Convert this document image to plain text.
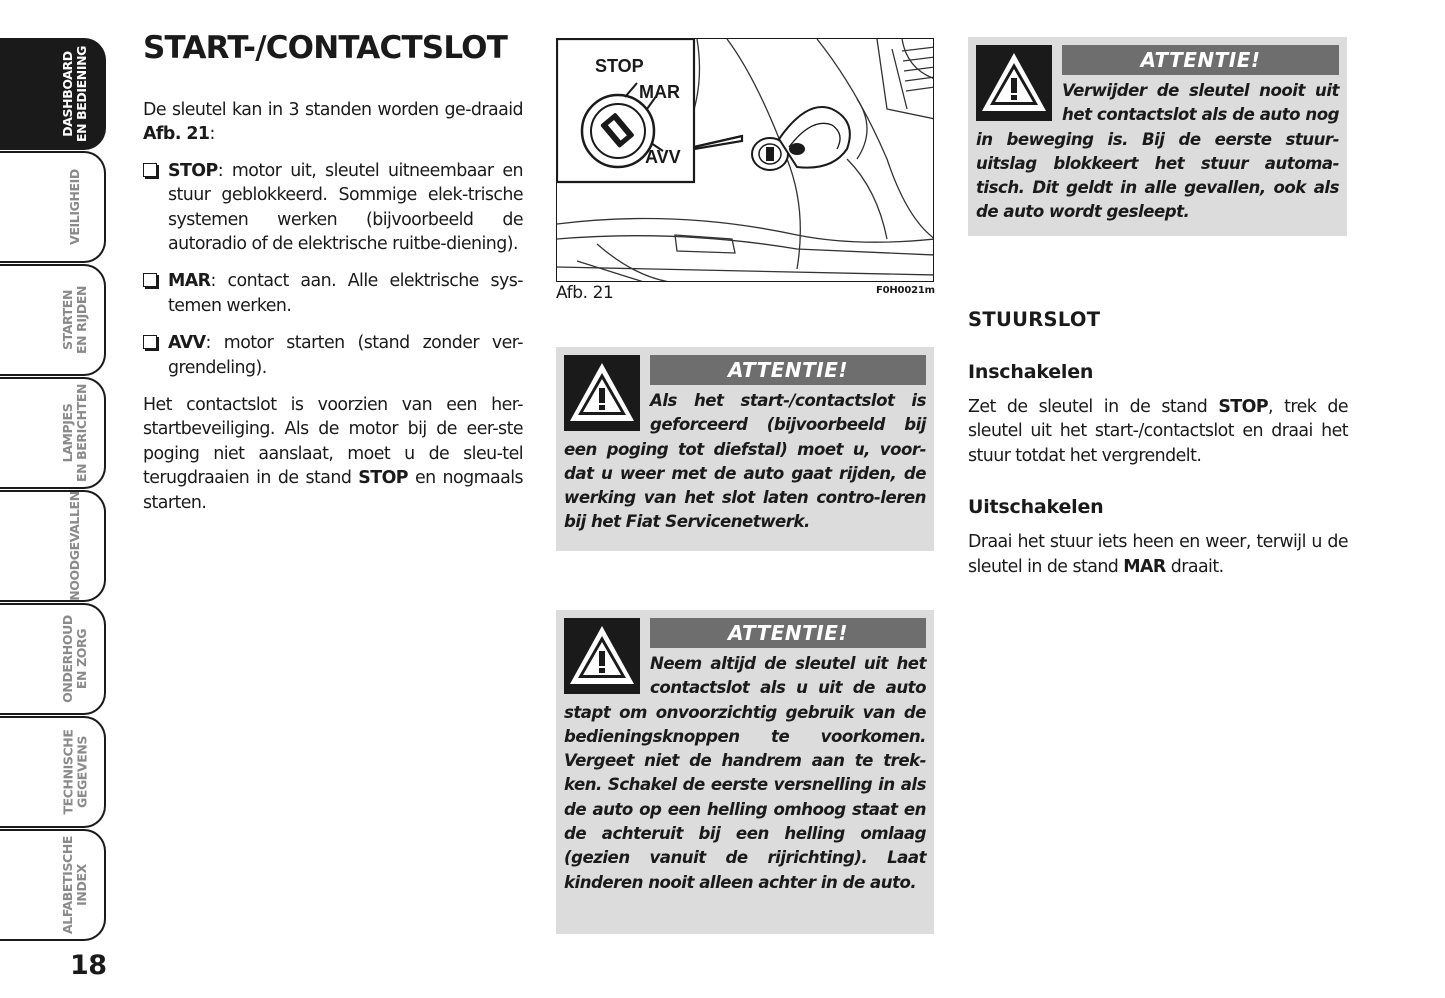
DASHBOARD
EN BEDIENING
VEILIGHEID
STARTEN
EN RIJDEN
LAMPJES
EN BERICHTEN
NOODGEVALLEN
ONDERHOUD
EN ZORG
TECHNISCHE
GEGEVENS
ALFABETISCHE
INDEX
18
START-/CONTACTSLOT

De sleutel kan in 3 standen worden ge-draaid Afb. 21:

STOP: motor uit, sleutel uitneembaar en stuur geblokkeerd. Sommige elek-trische systemen werken (bijvoorbeeld de autoradio of de elektrische ruitbe-diening).
MAR: contact aan. Alle elektrische sys-temen werken.
AVV: motor starten (stand zonder ver-grendeling).

Het contactslot is voorzien van een her-startbeveiliging. Als de motor bij de eer-ste poging niet aanslaat, moet u de sleu-tel terugdraaien in de stand STOP en nogmaals starten.

STOP
MAR
AVV
Afb. 21	F0H0021m
ATTENTIE!
Als het start-/contactslot is geforceerd (bijvoorbeeld bij een poging tot diefstal) moet u, voor-dat u weer met de auto gaat rijden, de werking van het slot laten contro-leren bij het Fiat Servicenetwerk.
ATTENTIE!
Neem altijd de sleutel uit het contactslot als u uit de auto stapt om onvoorzichtig gebruik van de bedieningsknoppen te voorkomen. Vergeet niet de handrem aan te trek-ken. Schakel de eerste versnelling in als de auto op een helling omhoog staat en de achteruit bij een helling omlaag (gezien vanuit de rijrichting). Laat kinderen nooit alleen achter in de auto.
ATTENTIE!
Verwijder de sleutel nooit uit het contactslot als de auto nog in beweging is. Bij de eerste stuur-uitslag blokkeert het stuur automa-tisch. Dit geldt in alle gevallen, ook als de auto wordt gesleept.
STUURSLOT
Inschakelen

Zet de sleutel in de stand STOP, trek de sleutel uit het start-/contactslot en draai het stuur totdat het vergrendelt.

Uitschakelen

Draai het stuur iets heen en weer, terwijl u de sleutel in de stand MAR draait.
